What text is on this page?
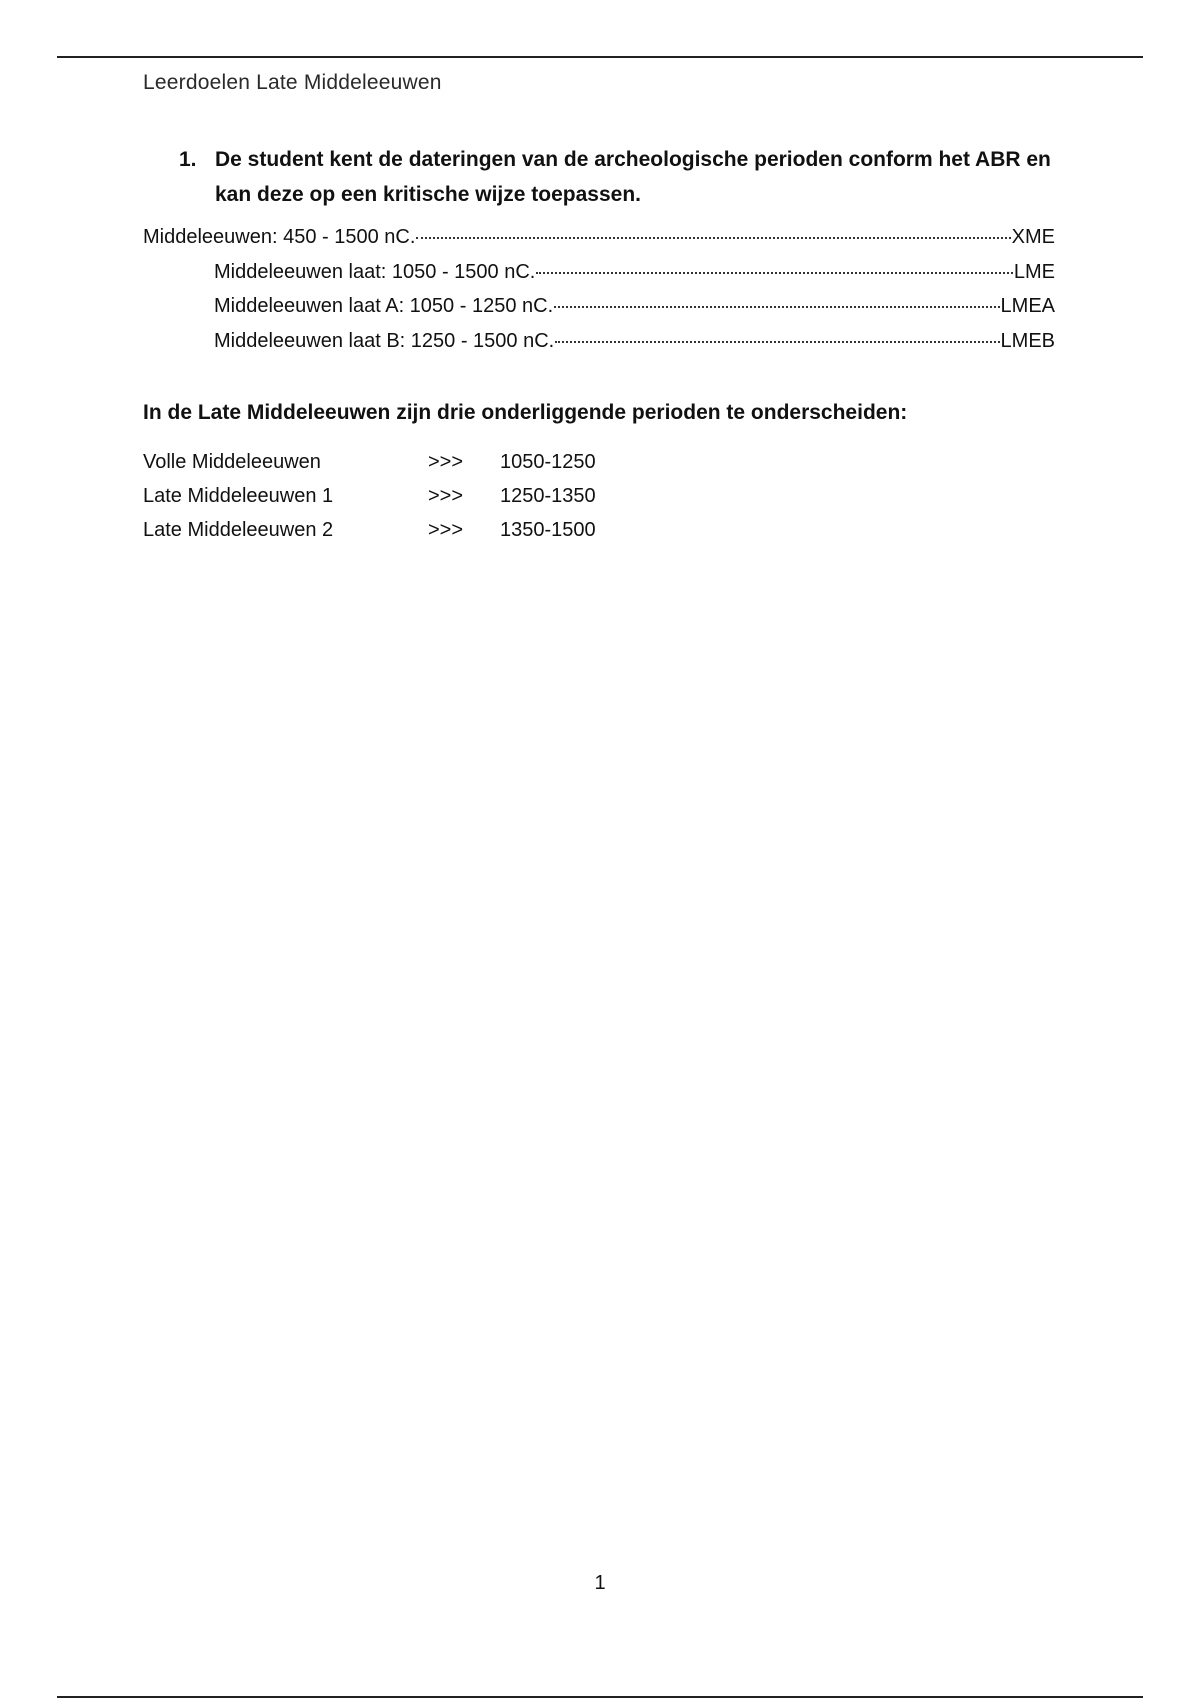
Leerdoelen Late Middeleeuwen
1. De student kent de dateringen van de archeologische perioden conform het ABR en kan deze op een kritische wijze toepassen.
Middeleeuwen: 450 - 1500 nC.	XME
Middeleeuwen laat: 1050 - 1500 nC.	LME
Middeleeuwen laat A: 1050 - 1250 nC.	LMEA
Middeleeuwen laat B: 1250 - 1500 nC.	LMEB
In de Late Middeleeuwen zijn drie onderliggende perioden te onderscheiden:
Volle Middeleeuwen	>>>	1050-1250
Late Middeleeuwen 1	>>>	1250-1350
Late Middeleeuwen 2	>>>	1350-1500
1
